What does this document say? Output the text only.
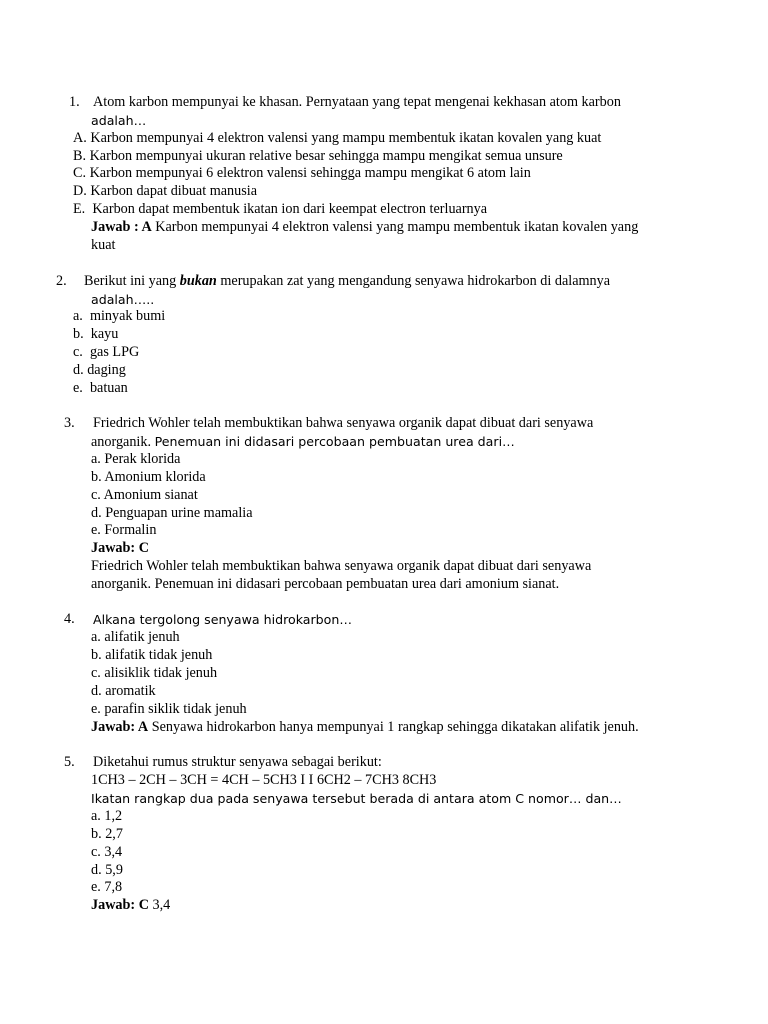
1. Atom karbon mempunyai ke khasan. Pernyataan yang tepat mengenai kekhasan atom karbon
adalah…
A. Karbon mempunyai 4 elektron valensi yang mampu membentuk ikatan kovalen yang kuat
B. Karbon mempunyai ukuran relative besar sehingga mampu mengikat semua unsure
C. Karbon mempunyai 6 elektron valensi sehingga mampu mengikat 6 atom lain
D. Karbon dapat dibuat manusia
E. Karbon dapat membentuk ikatan ion dari keempat electron terluarnya
Jawab : A Karbon mempunyai 4 elektron valensi yang mampu membentuk ikatan kovalen yang
kuat
2. Berikut ini yang bukan merupakan zat yang mengandung senyawa hidrokarbon di dalamnya
adalah…..
a. minyak bumi
b. kayu
c. gas LPG
d. daging
e. batuan
3. Friedrich Wohler telah membuktikan bahwa senyawa organik dapat dibuat dari senyawa
anorganik. Penemuan ini didasari percobaan pembuatan urea dari…
a. Perak klorida
b. Amonium klorida
c. Amonium sianat
d. Penguapan urine mamalia
e. Formalin
Jawab: C
Friedrich Wohler telah membuktikan bahwa senyawa organik dapat dibuat dari senyawa
anorganik. Penemuan ini didasari percobaan pembuatan urea dari amonium sianat.
4. Alkana tergolong senyawa hidrokarbon…
a. alifatik jenuh
b. alifatik tidak jenuh
c. alisiklik tidak jenuh
d. aromatik
e. parafin siklik tidak jenuh
Jawab: A Senyawa hidrokarbon hanya mempunyai 1 rangkap sehingga dikatakan alifatik jenuh.
5. Diketahui rumus struktur senyawa sebagai berikut:
1CH3 – 2CH – 3CH = 4CH – 5CH3 I I 6CH2 – 7CH3 8CH3
Ikatan rangkap dua pada senyawa tersebut berada di antara atom C nomor… dan…
a. 1,2
b. 2,7
c. 3,4
d. 5,9
e. 7,8
Jawab: C 3,4
